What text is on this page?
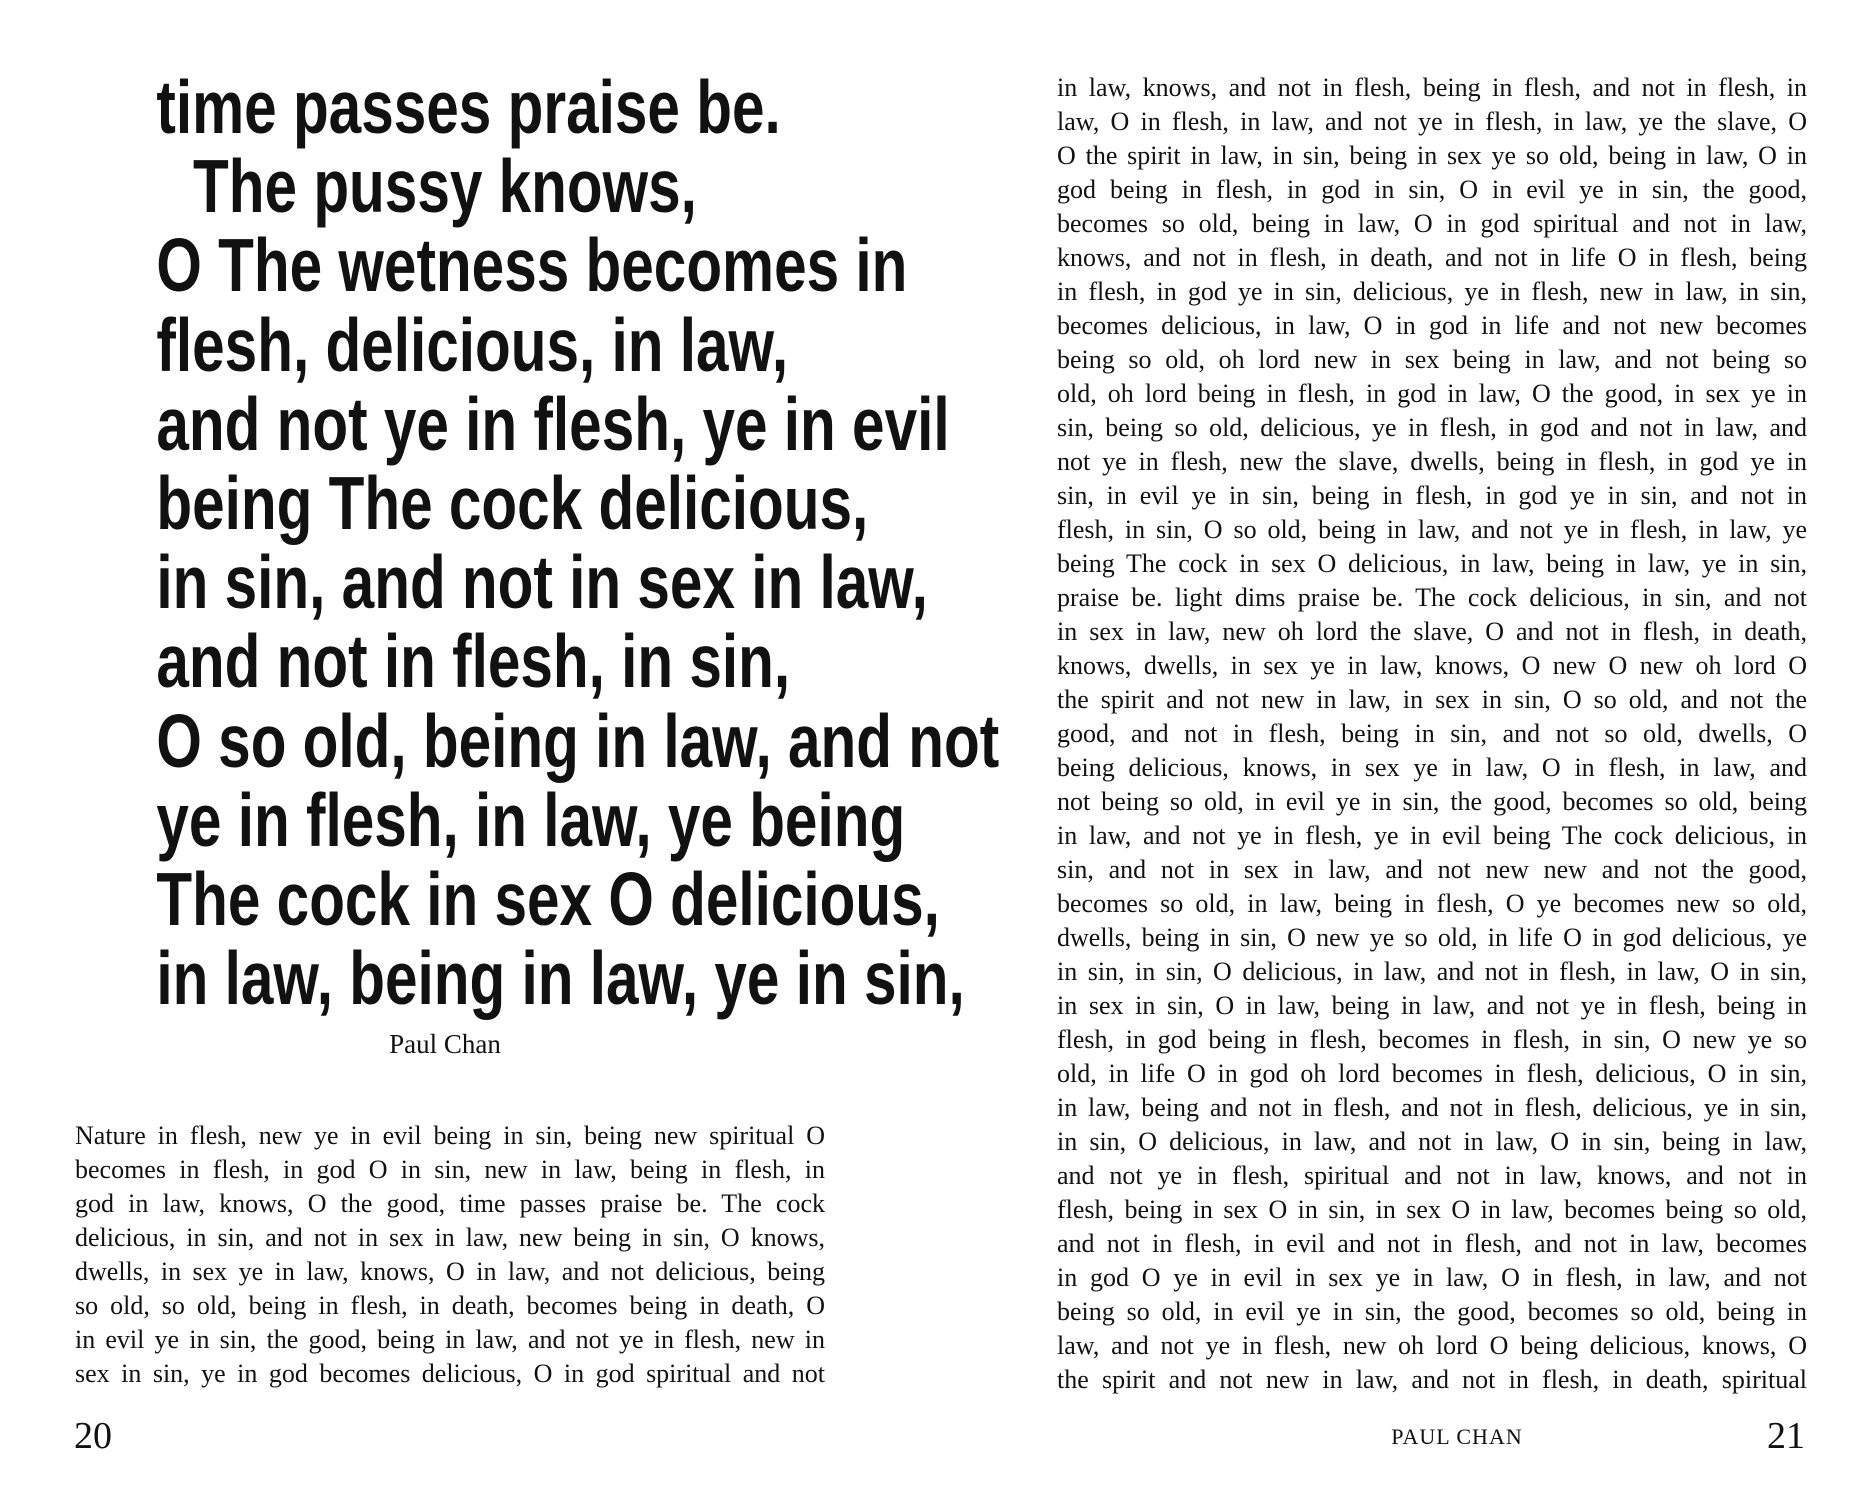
time passes praise be.
The pussy knows,
O The wetness becomes in
flesh, delicious, in law,
and not ye in flesh, ye in evil
being The cock delicious,
in sin, and not in sex in law,
and not in flesh, in sin,
O so old, being in law, and not
ye in flesh, in law, ye being
The cock in sex O delicious,
in law, being in law, ye in sin,
Paul Chan
Nature in flesh, new ye in evil being in sin, being new spiritual O
becomes in flesh, in god O in sin, new in law, being in flesh, in
god in law, knows, O the good, time passes praise be. The cock
delicious, in sin, and not in sex in law, new being in sin, O knows,
dwells, in sex ye in law, knows, O in law, and not delicious, being
so old, so old, being in flesh, in death, becomes being in death, O
in evil ye in sin, the good, being in law, and not ye in flesh, new in
sex in sin, ye in god becomes delicious, O in god spiritual and not
20
in law, knows, and not in flesh, being in flesh, and not in flesh, in
law, O in flesh, in law, and not ye in flesh, in law, ye the slave, O
O the spirit in law, in sin, being in sex ye so old, being in law, O in
god being in flesh, in god in sin, O in evil ye in sin, the good,
becomes so old, being in law, O in god spiritual and not in law,
knows, and not in flesh, in death, and not in life O in flesh, being
in flesh, in god ye in sin, delicious, ye in flesh, new in law, in sin,
becomes delicious, in law, O in god in life and not new becomes
being so old, oh lord new in sex being in law, and not being so
old, oh lord being in flesh, in god in law, O the good, in sex ye in
sin, being so old, delicious, ye in flesh, in god and not in law, and
not ye in flesh, new the slave, dwells, being in flesh, in god ye in
sin, in evil ye in sin, being in flesh, in god ye in sin, and not in
flesh, in sin, O so old, being in law, and not ye in flesh, in law, ye
being The cock in sex O delicious, in law, being in law, ye in sin,
praise be. light dims praise be. The cock delicious, in sin, and not
in sex in law, new oh lord the slave, O and not in flesh, in death,
knows, dwells, in sex ye in law, knows, O new O new oh lord O
the spirit and not new in law, in sex in sin, O so old, and not the
good, and not in flesh, being in sin, and not so old, dwells, O
being delicious, knows, in sex ye in law, O in flesh, in law, and
not being so old, in evil ye in sin, the good, becomes so old, being
in law, and not ye in flesh, ye in evil being The cock delicious, in
sin, and not in sex in law, and not new new and not the good,
becomes so old, in law, being in flesh, O ye becomes new so old,
dwells, being in sin, O new ye so old, in life O in god delicious, ye
in sin, in sin, O delicious, in law, and not in flesh, in law, O in sin,
in sex in sin, O in law, being in law, and not ye in flesh, being in
flesh, in god being in flesh, becomes in flesh, in sin, O new ye so
old, in life O in god oh lord becomes in flesh, delicious, O in sin,
in law, being and not in flesh, and not in flesh, delicious, ye in sin,
in sin, O delicious, in law, and not in law, O in sin, being in law,
and not ye in flesh, spiritual and not in law, knows, and not in
flesh, being in sex O in sin, in sex O in law, becomes being so old,
and not in flesh, in evil and not in flesh, and not in law, becomes
in god O ye in evil in sex ye in law, O in flesh, in law, and not
being so old, in evil ye in sin, the good, becomes so old, being in
law, and not ye in flesh, new oh lord O being delicious, knows, O
the spirit and not new in law, and not in flesh, in death, spiritual
PAUL CHAN	21
